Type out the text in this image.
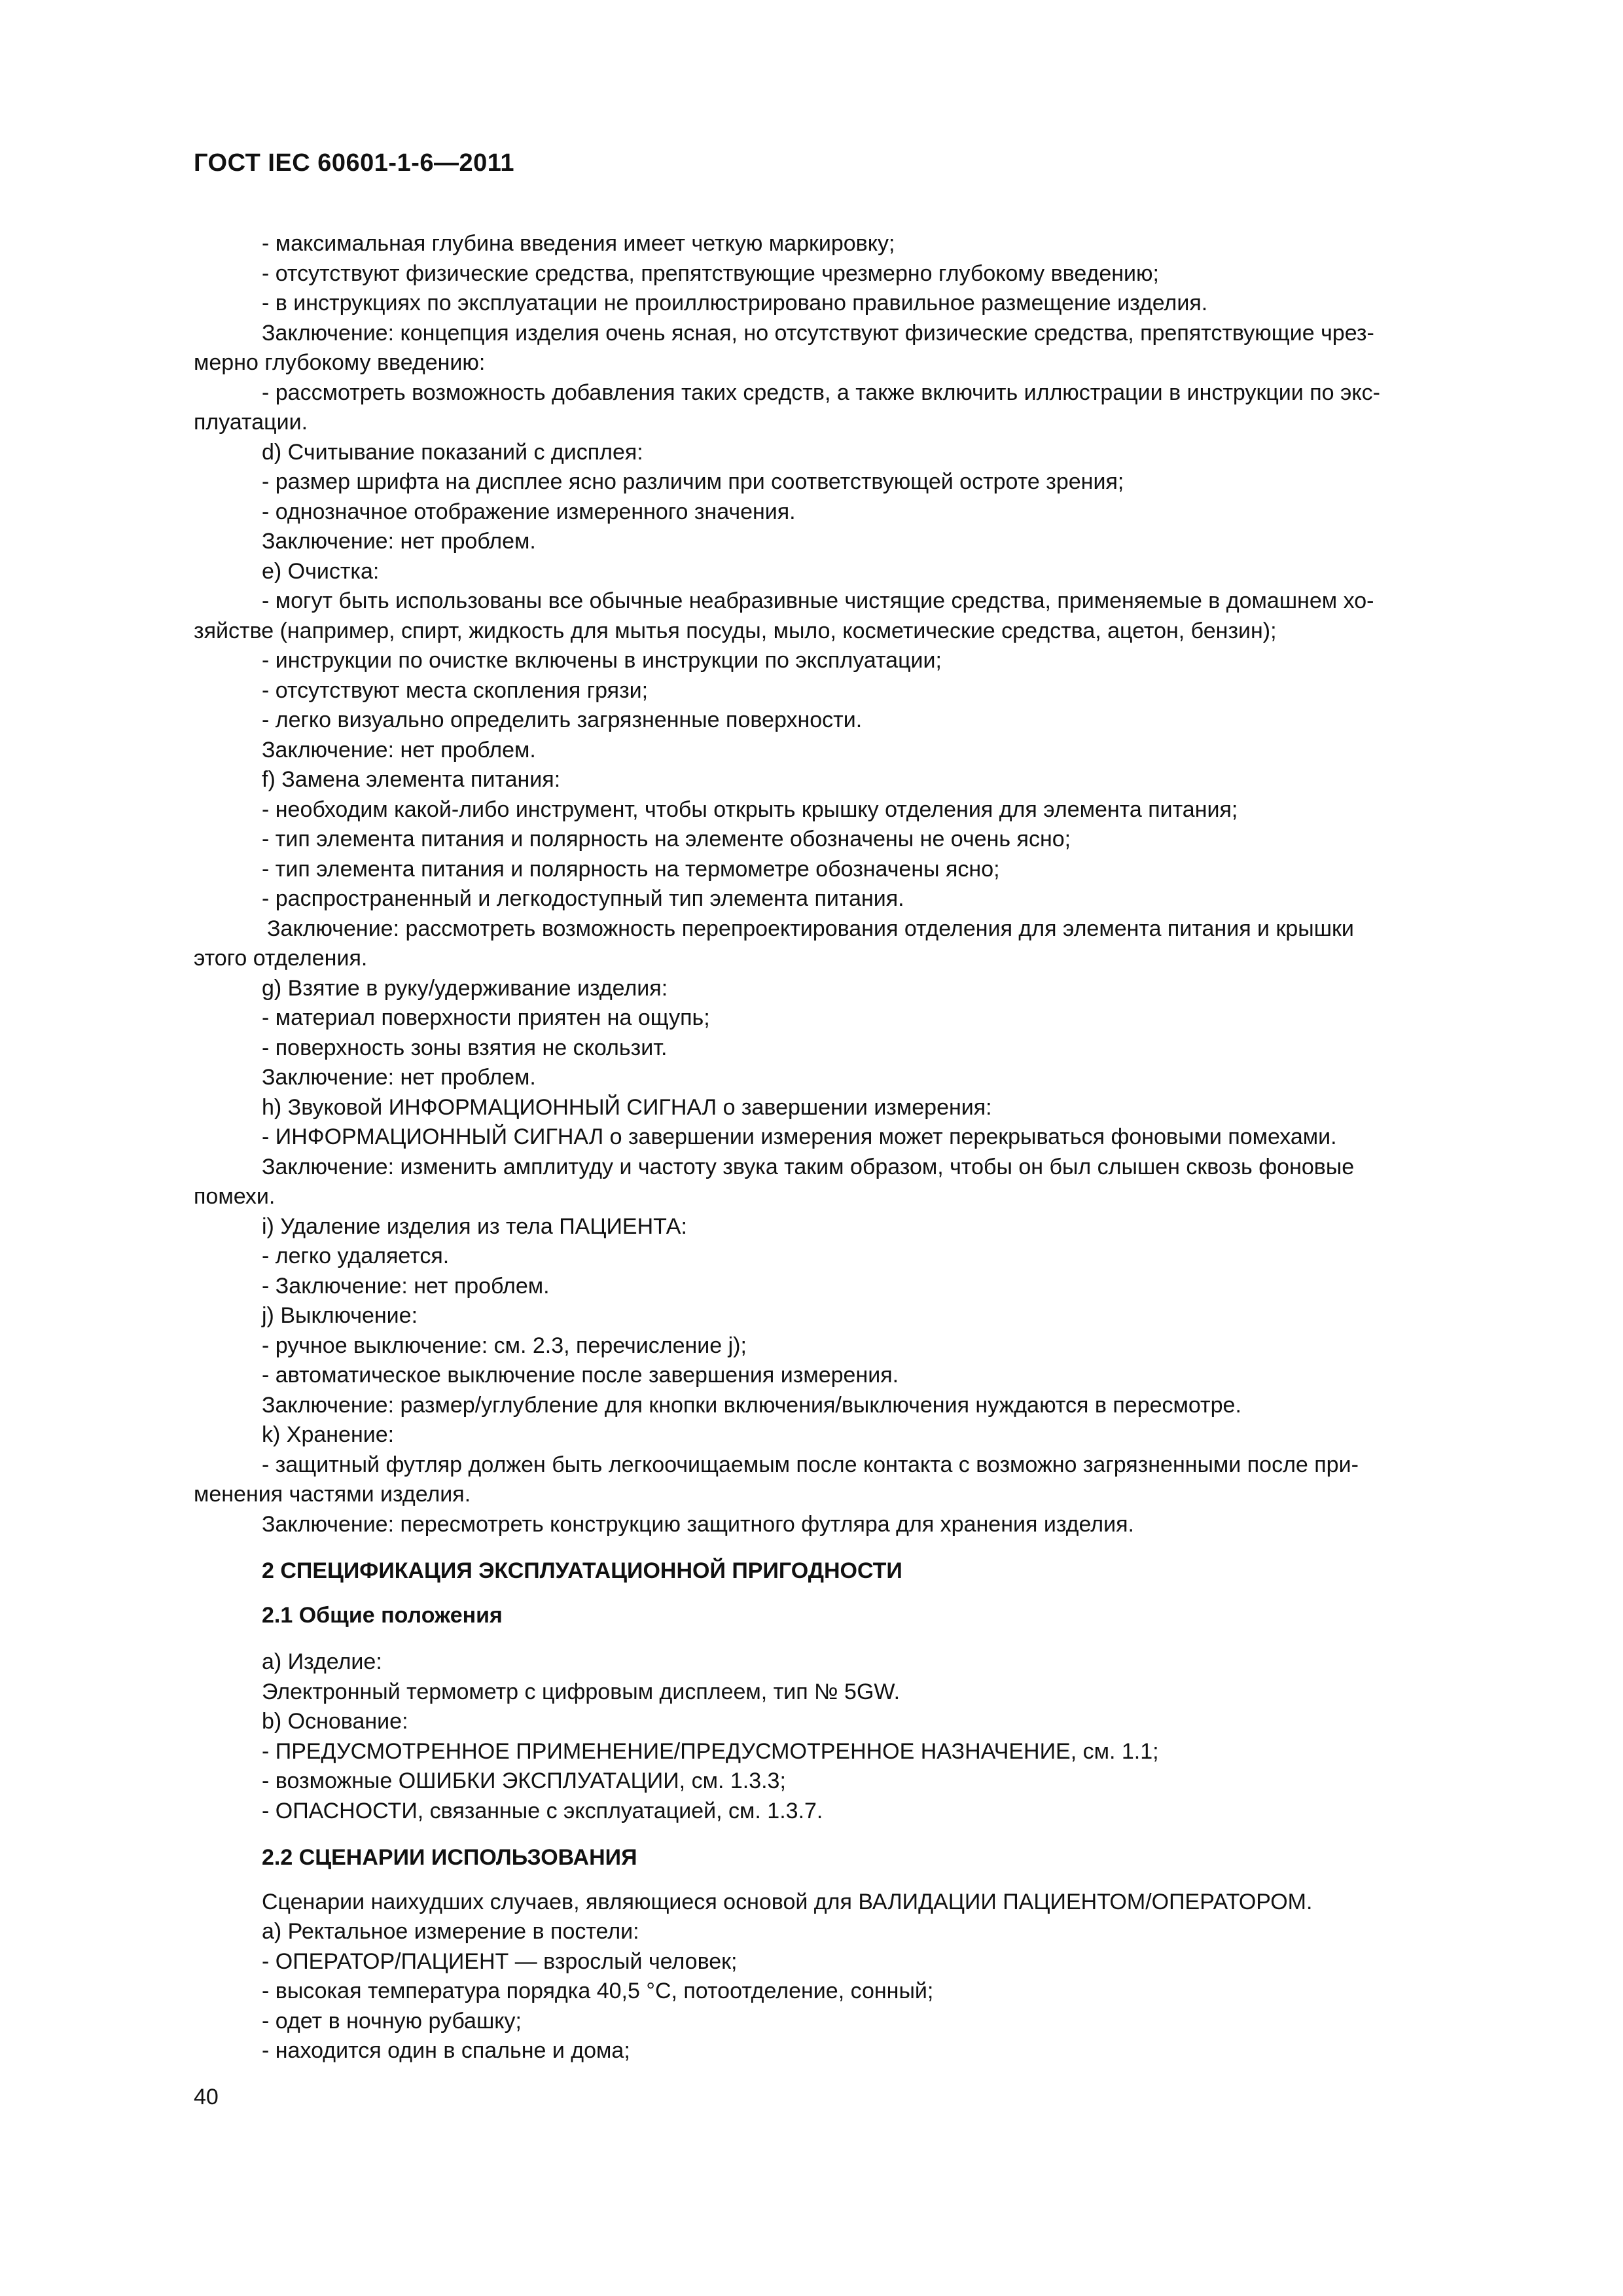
ГОСТ IEC 60601-1-6—2011
- максимальная глубина введения имеет четкую маркировку;
- отсутствуют физические средства, препятствующие чрезмерно глубокому введению;
- в инструкциях по эксплуатации не проиллюстрировано правильное размещение изделия.
Заключение: концепция изделия очень ясная, но отсутствуют физические средства, препятствующие чрез-
мерно глубокому введению:
- рассмотреть возможность добавления таких средств, а также включить иллюстрации в инструкции по экс-
плуатации.
d) Считывание показаний с дисплея:
- размер шрифта на дисплее ясно различим при соответствующей остроте зрения;
- однозначное отображение измеренного значения.
Заключение: нет проблем.
е) Очистка:
- могут быть использованы все обычные неабразивные чистящие средства, применяемые в домашнем хо-
зяйстве (например, спирт, жидкость для мытья посуды, мыло, косметические средства, ацетон, бензин);
- инструкции по очистке включены в инструкции по эксплуатации;
- отсутствуют места скопления грязи;
- легко визуально определить загрязненные поверхности.
Заключение: нет проблем.
f) Замена элемента питания:
- необходим какой-либо инструмент, чтобы открыть крышку отделения для элемента питания;
- тип элемента питания и полярность на элементе обозначены не очень ясно;
- тип элемента питания и полярность на термометре обозначены ясно;
- распространенный и легкодоступный тип элемента питания.
Заключение: рассмотреть возможность перепроектирования отделения для элемента питания и крышки
этого отделения.
g) Взятие в руку/удерживание изделия:
- материал поверхности приятен на ощупь;
- поверхность зоны взятия не скользит.
Заключение: нет проблем.
h) Звуковой ИНФОРМАЦИОННЫЙ СИГНАЛ о завершении измерения:
- ИНФОРМАЦИОННЫЙ СИГНАЛ о завершении измерения может перекрываться фоновыми помехами.
Заключение: изменить амплитуду и частоту звука таким образом, чтобы он был слышен сквозь фоновые
помехи.
i) Удаление изделия из тела ПАЦИЕНТА:
- легко удаляется.
- Заключение: нет проблем.
j) Выключение:
- ручное выключение: см. 2.3, перечисление j);
- автоматическое выключение после завершения измерения.
Заключение: размер/углубление для кнопки включения/выключения нуждаются в пересмотре.
k) Хранение:
- защитный футляр должен быть легкоочищаемым после контакта с возможно загрязненными после при-
менения частями изделия.
Заключение: пересмотреть конструкцию защитного футляра для хранения изделия.
2 СПЕЦИФИКАЦИЯ ЭКСПЛУАТАЦИОННОЙ ПРИГОДНОСТИ
2.1 Общие положения
а) Изделие:
Электронный термометр с цифровым дисплеем, тип № 5GW.
b) Основание:
- ПРЕДУСМОТРЕННОЕ ПРИМЕНЕНИЕ/ПРЕДУСМОТРЕННОЕ НАЗНАЧЕНИЕ, см. 1.1;
- возможные ОШИБКИ ЭКСПЛУАТАЦИИ, см. 1.3.3;
- ОПАСНОСТИ, связанные с эксплуатацией, см. 1.3.7.
2.2 СЦЕНАРИИ ИСПОЛЬЗОВАНИЯ
Сценарии наихудших случаев, являющиеся основой для ВАЛИДАЦИИ ПАЦИЕНТОМ/ОПЕРАТОРОМ.
а) Ректальное измерение в постели:
- ОПЕРАТОР/ПАЦИЕНТ — взрослый человек;
- высокая температура порядка 40,5 °С, потоотделение, сонный;
- одет в ночную рубашку;
- находится один в спальне и дома;
40
